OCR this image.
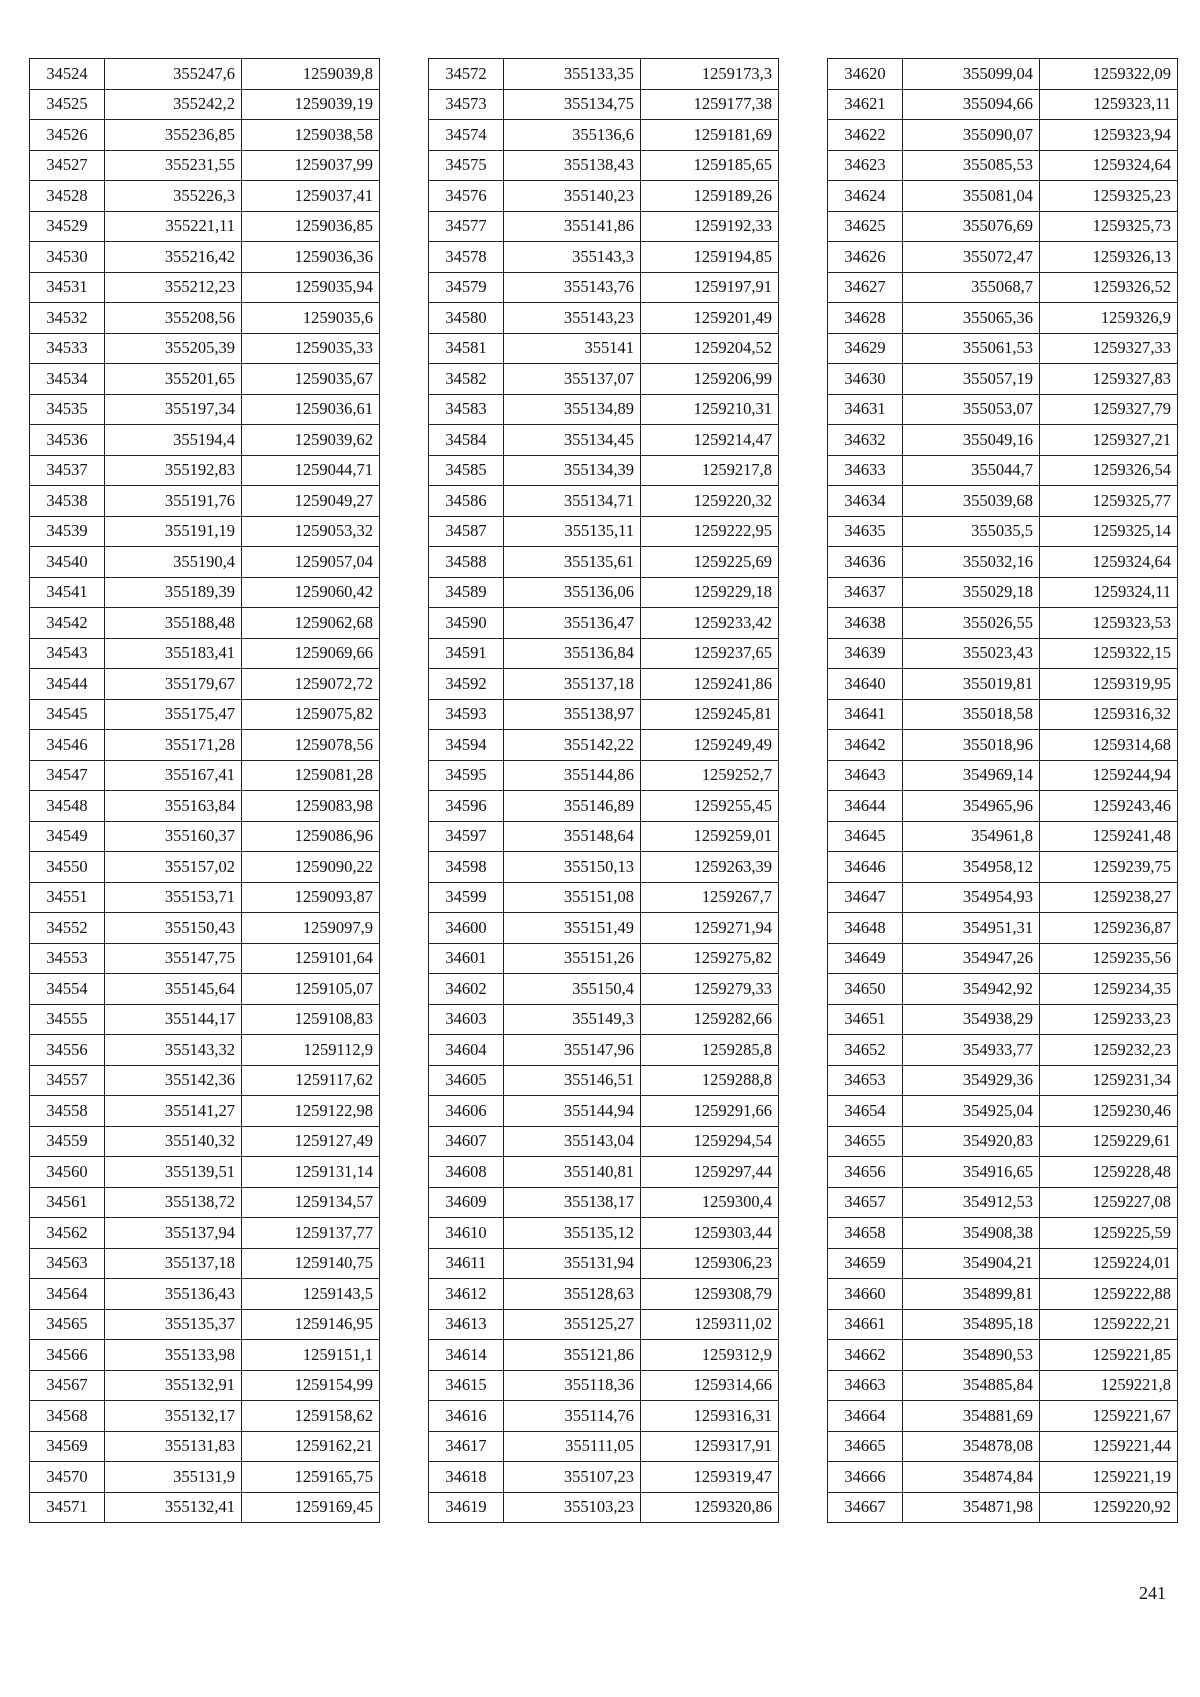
34524	355247,6	1259039,8
34525	355242,2	1259039,19
34526	355236,85	1259038,58
34527	355231,55	1259037,99
34528	355226,3	1259037,41
34529	355221,11	1259036,85
34530	355216,42	1259036,36
34531	355212,23	1259035,94
34532	355208,56	1259035,6
34533	355205,39	1259035,33
34534	355201,65	1259035,67
34535	355197,34	1259036,61
34536	355194,4	1259039,62
34537	355192,83	1259044,71
34538	355191,76	1259049,27
34539	355191,19	1259053,32
34540	355190,4	1259057,04
34541	355189,39	1259060,42
34542	355188,48	1259062,68
34543	355183,41	1259069,66
34544	355179,67	1259072,72
34545	355175,47	1259075,82
34546	355171,28	1259078,56
34547	355167,41	1259081,28
34548	355163,84	1259083,98
34549	355160,37	1259086,96
34550	355157,02	1259090,22
34551	355153,71	1259093,87
34552	355150,43	1259097,9
34553	355147,75	1259101,64
34554	355145,64	1259105,07
34555	355144,17	1259108,83
34556	355143,32	1259112,9
34557	355142,36	1259117,62
34558	355141,27	1259122,98
34559	355140,32	1259127,49
34560	355139,51	1259131,14
34561	355138,72	1259134,57
34562	355137,94	1259137,77
34563	355137,18	1259140,75
34564	355136,43	1259143,5
34565	355135,37	1259146,95
34566	355133,98	1259151,1
34567	355132,91	1259154,99
34568	355132,17	1259158,62
34569	355131,83	1259162,21
34570	355131,9	1259165,75
34571	355132,41	1259169,45
34572	355133,35	1259173,3
34573	355134,75	1259177,38
34574	355136,6	1259181,69
34575	355138,43	1259185,65
34576	355140,23	1259189,26
34577	355141,86	1259192,33
34578	355143,3	1259194,85
34579	355143,76	1259197,91
34580	355143,23	1259201,49
34581	355141	1259204,52
34582	355137,07	1259206,99
34583	355134,89	1259210,31
34584	355134,45	1259214,47
34585	355134,39	1259217,8
34586	355134,71	1259220,32
34587	355135,11	1259222,95
34588	355135,61	1259225,69
34589	355136,06	1259229,18
34590	355136,47	1259233,42
34591	355136,84	1259237,65
34592	355137,18	1259241,86
34593	355138,97	1259245,81
34594	355142,22	1259249,49
34595	355144,86	1259252,7
34596	355146,89	1259255,45
34597	355148,64	1259259,01
34598	355150,13	1259263,39
34599	355151,08	1259267,7
34600	355151,49	1259271,94
34601	355151,26	1259275,82
34602	355150,4	1259279,33
34603	355149,3	1259282,66
34604	355147,96	1259285,8
34605	355146,51	1259288,8
34606	355144,94	1259291,66
34607	355143,04	1259294,54
34608	355140,81	1259297,44
34609	355138,17	1259300,4
34610	355135,12	1259303,44
34611	355131,94	1259306,23
34612	355128,63	1259308,79
34613	355125,27	1259311,02
34614	355121,86	1259312,9
34615	355118,36	1259314,66
34616	355114,76	1259316,31
34617	355111,05	1259317,91
34618	355107,23	1259319,47
34619	355103,23	1259320,86
34620	355099,04	1259322,09
34621	355094,66	1259323,11
34622	355090,07	1259323,94
34623	355085,53	1259324,64
34624	355081,04	1259325,23
34625	355076,69	1259325,73
34626	355072,47	1259326,13
34627	355068,7	1259326,52
34628	355065,36	1259326,9
34629	355061,53	1259327,33
34630	355057,19	1259327,83
34631	355053,07	1259327,79
34632	355049,16	1259327,21
34633	355044,7	1259326,54
34634	355039,68	1259325,77
34635	355035,5	1259325,14
34636	355032,16	1259324,64
34637	355029,18	1259324,11
34638	355026,55	1259323,53
34639	355023,43	1259322,15
34640	355019,81	1259319,95
34641	355018,58	1259316,32
34642	355018,96	1259314,68
34643	354969,14	1259244,94
34644	354965,96	1259243,46
34645	354961,8	1259241,48
34646	354958,12	1259239,75
34647	354954,93	1259238,27
34648	354951,31	1259236,87
34649	354947,26	1259235,56
34650	354942,92	1259234,35
34651	354938,29	1259233,23
34652	354933,77	1259232,23
34653	354929,36	1259231,34
34654	354925,04	1259230,46
34655	354920,83	1259229,61
34656	354916,65	1259228,48
34657	354912,53	1259227,08
34658	354908,38	1259225,59
34659	354904,21	1259224,01
34660	354899,81	1259222,88
34661	354895,18	1259222,21
34662	354890,53	1259221,85
34663	354885,84	1259221,8
34664	354881,69	1259221,67
34665	354878,08	1259221,44
34666	354874,84	1259221,19
34667	354871,98	1259220,92
241
